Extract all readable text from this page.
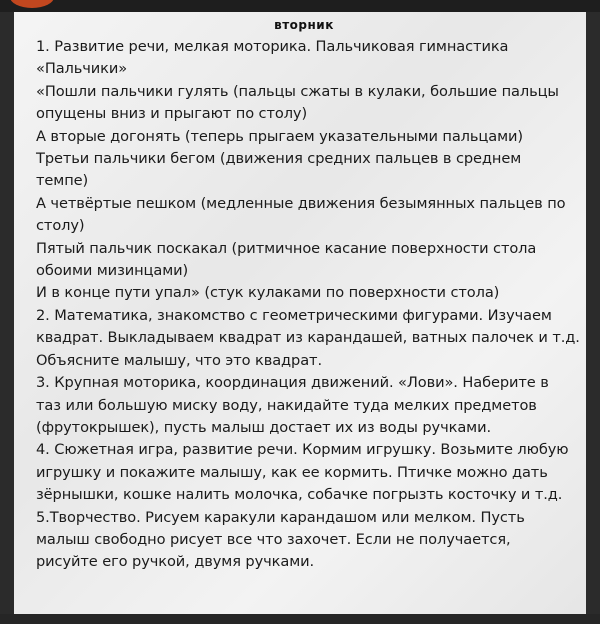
вторник
1. Развитие речи, мелкая моторика. Пальчиковая гимнастика
«Пальчики»
«Пошли пальчики гулять (пальцы сжаты в кулаки, большие пальцы
опущены вниз и прыгают по столу)
А вторые догонять (теперь прыгаем указательными пальцами)
Третьи пальчики бегом (движения средних пальцев в среднем
темпе)
А четвёртые пешком (медленные движения безымянных пальцев по
столу)
Пятый пальчик поскакал (ритмичное касание поверхности стола
обоими мизинцами)
И в конце пути упал» (стук кулаками по поверхности стола)
2. Математика, знакомство с геометрическими фигурами. Изучаем
квадрат. Выкладываем квадрат из карандашей, ватных палочек и т.д.
Объясните малышу, что это квадрат.
3. Крупная моторика, координация движений. «Лови». Наберите в
таз или большую миску воду, накидайте туда мелких предметов
(фрутокрышек), пусть малыш достает их из воды ручками.
4. Сюжетная игра, развитие речи. Кормим игрушку. Возьмите любую
игрушку и покажите малышу, как ее кормить. Птичке можно дать
зёрнышки, кошке налить молочка, собачке погрызть косточку и т.д.
5.Творчество. Рисуем каракули карандашом или мелком. Пусть
малыш свободно рисует все что захочет. Если не получается,
рисуйте его ручкой, двумя ручками.
